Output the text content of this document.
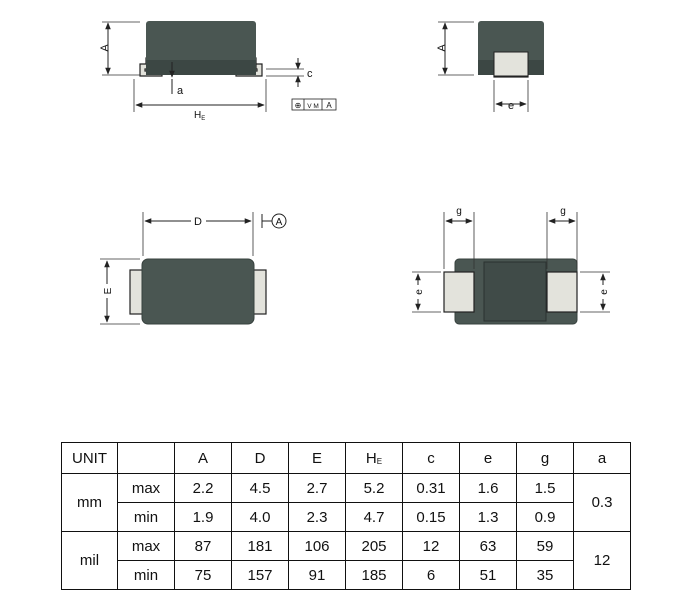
A
a
c
$H_E$
⊕ V M A
A
e
D	A
E
g	g
e	e
UNIT		A	D	E	HE	c	e	g	a
mm	max	2.2	4.5	2.7	5.2	0.31	1.6	1.5	0.3
	min	1.9	4.0	2.3	4.7	0.15	1.3	0.9	
mil	max	87	181	106	205	12	63	59	12
	min	75	157	91	185	6	51	35	
